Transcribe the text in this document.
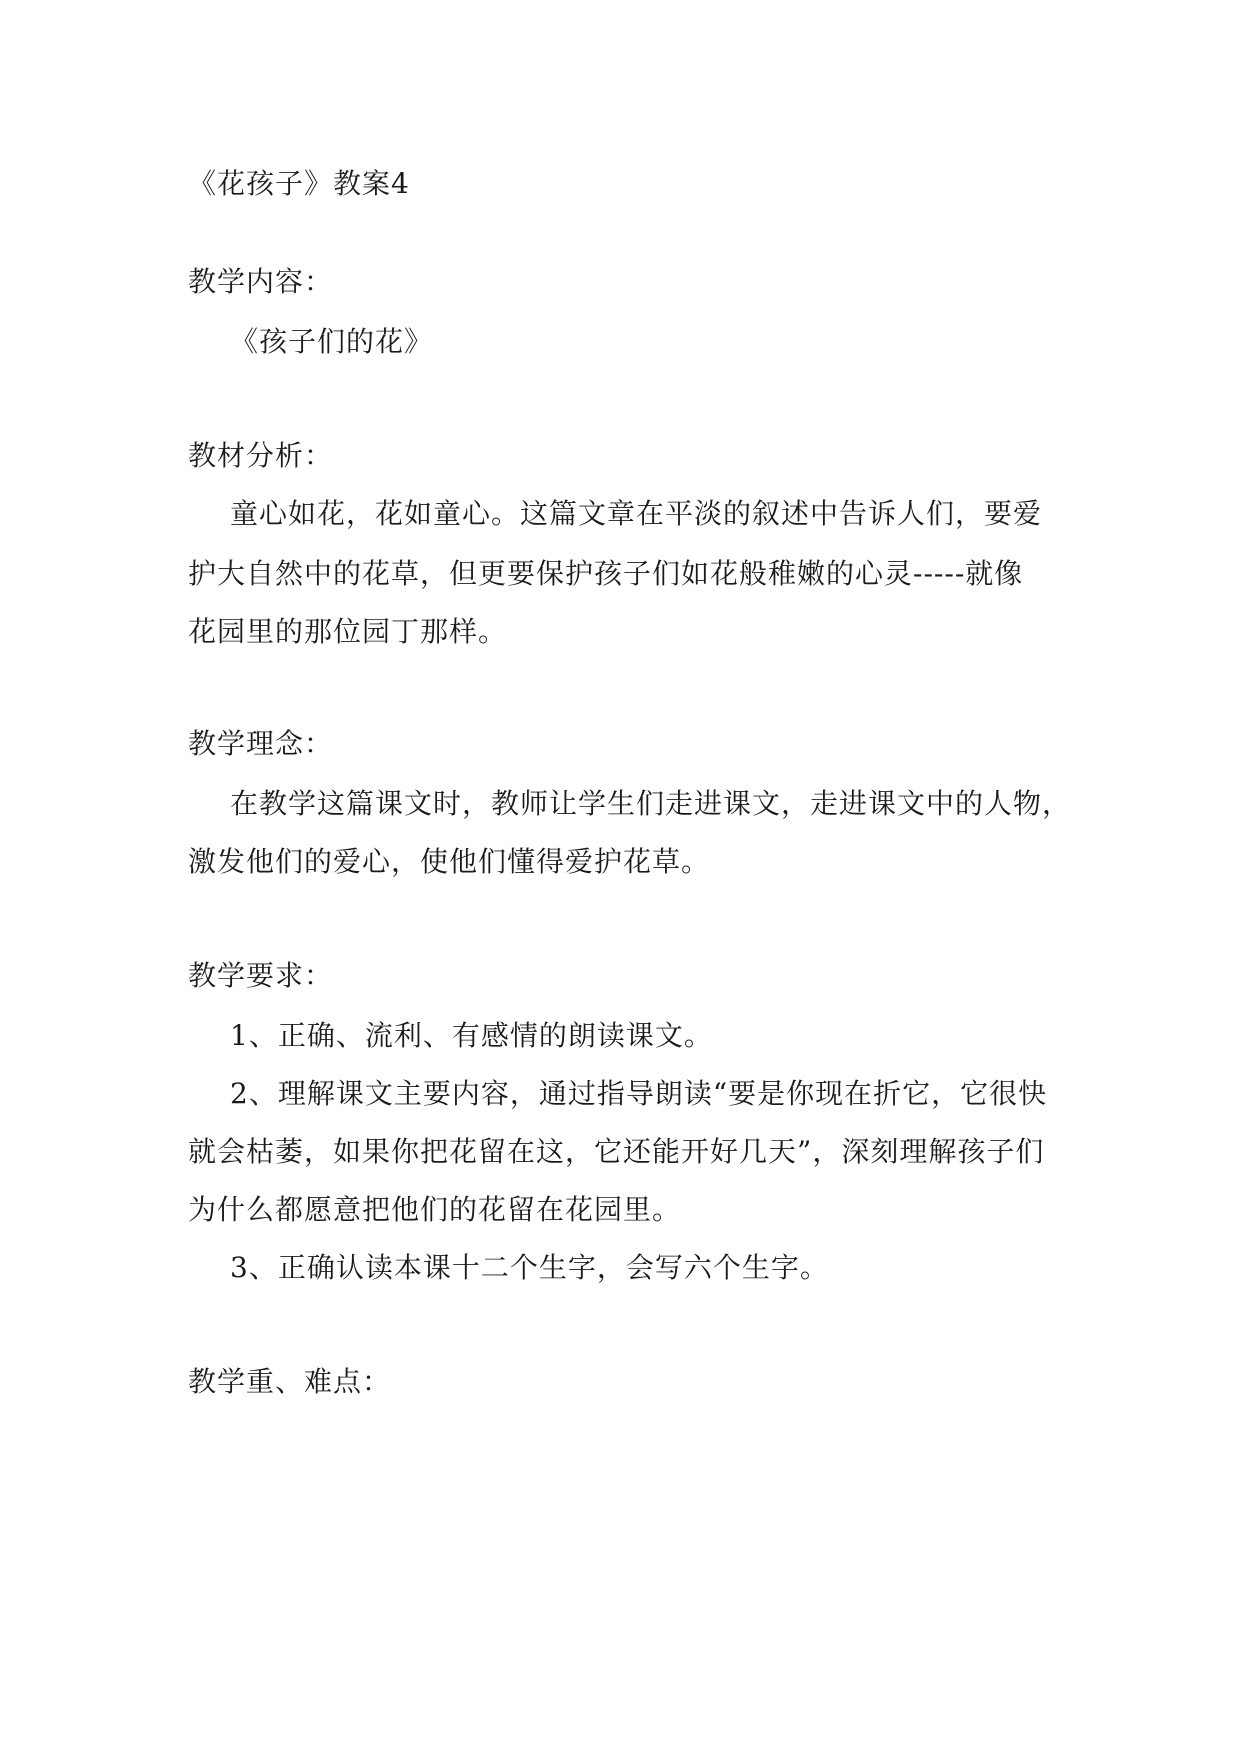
《花孩子》教案4
教学内容：
《孩子们的花》
教材分析：
童心如花，花如童心。这篇文章在平淡的叙述中告诉人们，要爱
护大自然中的花草，但更要保护孩子们如花般稚嫩的心灵-----就像
花园里的那位园丁那样。
教学理念：
在教学这篇课文时，教师让学生们走进课文，走进课文中的人物，
激发他们的爱心，使他们懂得爱护花草。
教学要求：
1、正确、流利、有感情的朗读课文。
2、理解课文主要内容，通过指导朗读“要是你现在折它，它很快
就会枯萎，如果你把花留在这，它还能开好几天”，深刻理解孩子们
为什么都愿意把他们的花留在花园里。
3、正确认读本课十二个生字，会写六个生字。
教学重、难点：
